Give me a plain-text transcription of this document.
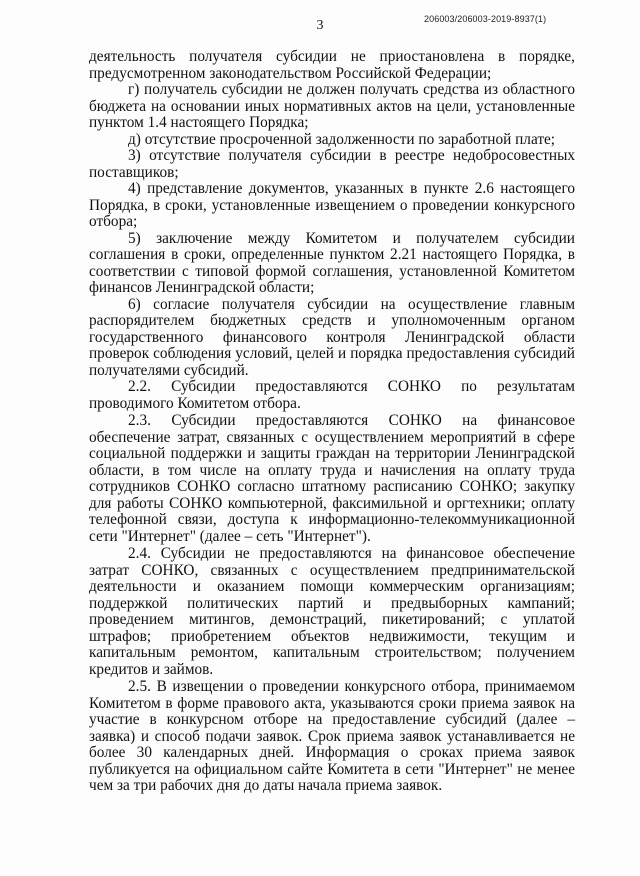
206003/206003-2019-8937(1)
3

деятельность получателя субсидии не приостановлена в порядке, предусмотренном законодательством Российской Федерации;

г) получатель субсидии не должен получать средства из областного бюджета на основании иных нормативных актов на цели, установленные пунктом 1.4 настоящего Порядка;

д) отсутствие просроченной задолженности по заработной плате;

3) отсутствие получателя субсидии в реестре недобросовестных поставщиков;

4) представление документов, указанных в пункте 2.6 настоящего Порядка, в сроки, установленные извещением о проведении конкурсного отбора;

5) заключение между Комитетом и получателем субсидии соглашения в сроки, определенные пунктом 2.21 настоящего Порядка, в соответствии с типовой формой соглашения, установленной Комитетом финансов Ленинградской области;

6) согласие получателя субсидии на осуществление главным распорядителем бюджетных средств и уполномоченным органом государственного финансового контроля Ленинградской области проверок соблюдения условий, целей и порядка предоставления субсидий получателями субсидий.

2.2. Субсидии предоставляются СОНКО по результатам проводимого Комитетом отбора.

2.3. Субсидии предоставляются СОНКО на финансовое обеспечение затрат, связанных с осуществлением мероприятий в сфере социальной поддержки и защиты граждан на территории Ленинградской области, в том числе на оплату труда и начисления на оплату труда сотрудников СОНКО согласно штатному расписанию СОНКО; закупку для работы СОНКО компьютерной, факсимильной и оргтехники; оплату телефонной связи, доступа к информационно-телекоммуникационной сети "Интернет" (далее – сеть "Интернет").

2.4. Субсидии не предоставляются на финансовое обеспечение затрат СОНКО, связанных с осуществлением предпринимательской деятельности и оказанием помощи коммерческим организациям; поддержкой политических партий и предвыборных кампаний; проведением митингов, демонстраций, пикетирований; с уплатой штрафов; приобретением объектов недвижимости, текущим и капитальным ремонтом, капитальным строительством; получением кредитов и займов.

2.5. В извещении о проведении конкурсного отбора, принимаемом Комитетом в форме правового акта, указываются сроки приема заявок на участие в конкурсном отборе на предоставление субсидий (далее – заявка) и способ подачи заявок. Срок приема заявок устанавливается не более 30 календарных дней. Информация о сроках приема заявок публикуется на официальном сайте Комитета в сети "Интернет" не менее чем за три рабочих дня до даты начала приема заявок.
